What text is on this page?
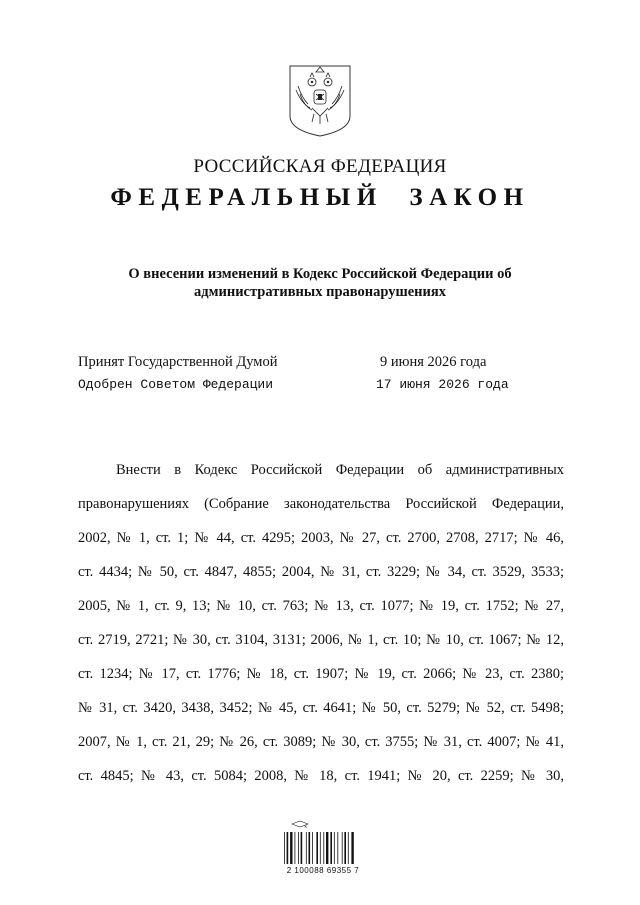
РОССИЙСКАЯ ФЕДЕРАЦИЯ
ФЕДЕРАЛЬНЫЙ ЗАКОН
О внесении изменений в Кодекс Российской Федерации об
административных правонарушениях
Принят Государственной Думой	9 июня 2026 года
Одобрен Советом Федерации	17 июня 2026 года
Внести в Кодекс Российской Федерации об административных
правонарушениях (Собрание законодательства Российской Федерации,
2002, № 1, ст. 1; № 44, ст. 4295; 2003, № 27, ст. 2700, 2708, 2717; № 46,
ст. 4434; № 50, ст. 4847, 4855; 2004, № 31, ст. 3229; № 34, ст. 3529, 3533;
2005, № 1, ст. 9, 13; № 10, ст. 763; № 13, ст. 1077; № 19, ст. 1752; № 27,
ст. 2719, 2721; № 30, ст. 3104, 3131; 2006, № 1, ст. 10; № 10, ст. 1067; № 12,
ст. 1234; № 17, ст. 1776; № 18, ст. 1907; № 19, ст. 2066; № 23, ст. 2380;
№ 31, ст. 3420, 3438, 3452; № 45, ст. 4641; № 50, ст. 5279; № 52, ст. 5498;
2007, № 1, ст. 21, 29; № 26, ст. 3089; № 30, ст. 3755; № 31, ст. 4007; № 41,
ст. 4845; № 43, ст. 5084; 2008, № 18, ст. 1941; № 20, ст. 2259; № 30,
✕
2 100088 69355 7
